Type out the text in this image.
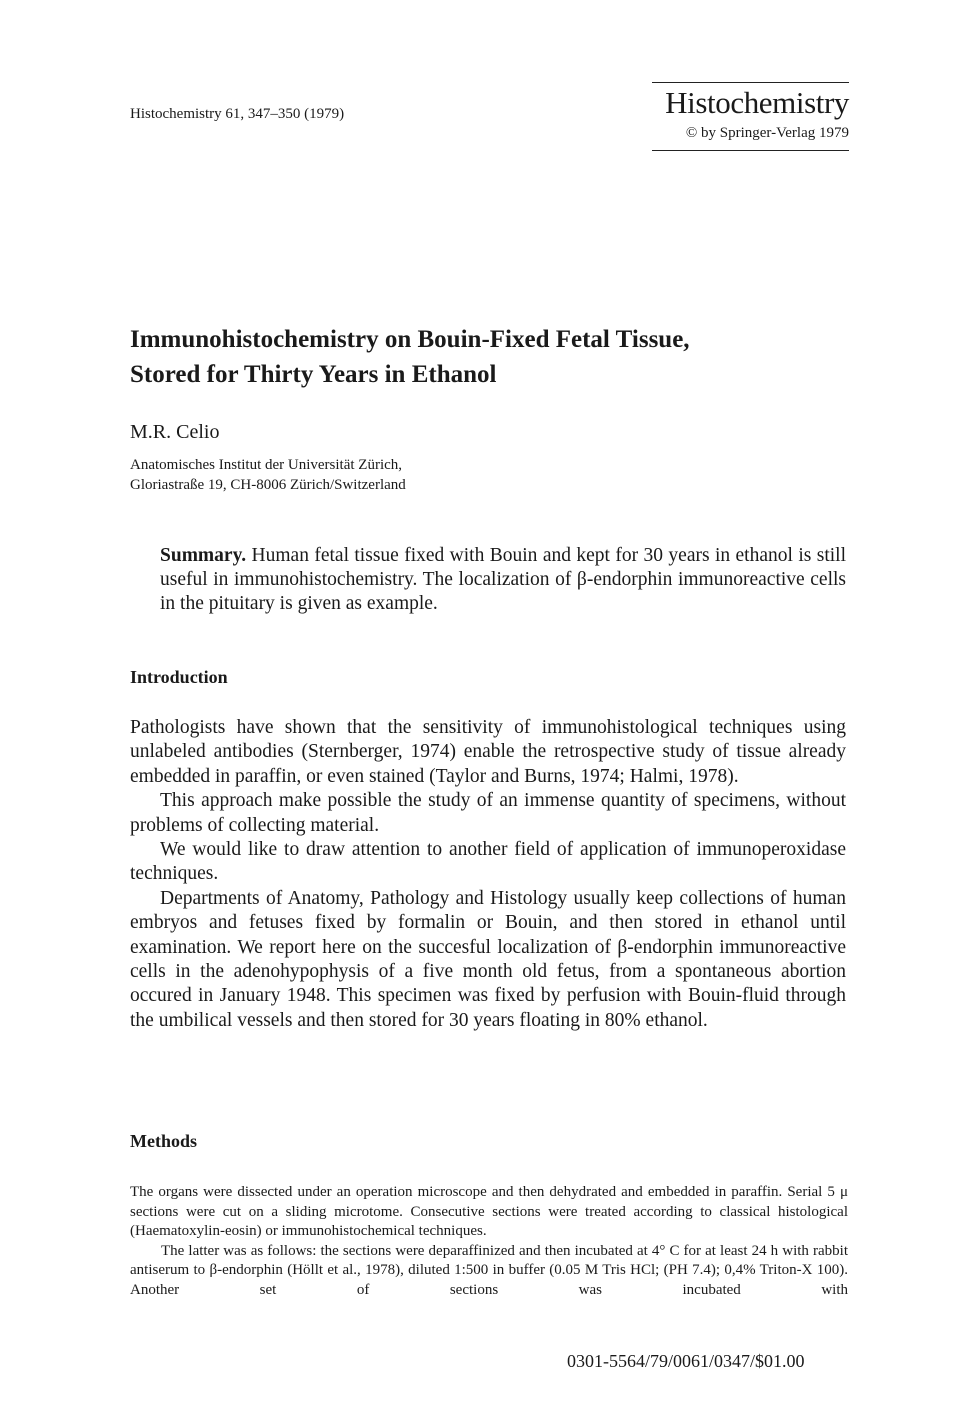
Histochemistry 61, 347–350 (1979)	Histochemistry
© by Springer-Verlag 1979
Immunohistochemistry on Bouin-Fixed Fetal Tissue,
Stored for Thirty Years in Ethanol
M.R. Celio
Anatomisches Institut der Universität Zürich,
Gloriastraße 19, CH-8006 Zürich/Switzerland
Summary. Human fetal tissue fixed with Bouin and kept for 30 years in ethanol is still useful in immunohistochemistry. The localization of β-endorphin immunoreactive cells in the pituitary is given as example.
Introduction

Pathologists have shown that the sensitivity of immunohistological techniques using unlabeled antibodies (Sternberger, 1974) enable the retrospective study of tissue already embedded in paraffin, or even stained (Taylor and Burns, 1974; Halmi, 1978).

This approach make possible the study of an immense quantity of specimens, without problems of collecting material.

We would like to draw attention to another field of application of immunoperoxidase techniques.

Departments of Anatomy, Pathology and Histology usually keep collections of human embryos and fetuses fixed by formalin or Bouin, and then stored in ethanol until examination. We report here on the succesful localization of β-endorphin immunoreactive cells in the adenohypophysis of a five month old fetus, from a spontaneous abortion occured in January 1948. This specimen was fixed by perfusion with Bouin-fluid through the umbilical vessels and then stored for 30 years floating in 80% ethanol.

Methods

The organs were dissected under an operation microscope and then dehydrated and embedded in paraffin. Serial 5 μ sections were cut on a sliding microtome. Consecutive sections were treated according to classical histological (Haematoxylin-eosin) or immunohistochemical techniques.

The latter was as follows: the sections were deparaffinized and then incubated at 4° C for at least 24 h with rabbit antiserum to β-endorphin (Höllt et al., 1978), diluted 1:500 in buffer (0.05 M Tris HCl; (PH 7.4); 0,4% Triton-X 100). Another set of sections was incubated with

0301-5564/79/0061/0347/$01.00
